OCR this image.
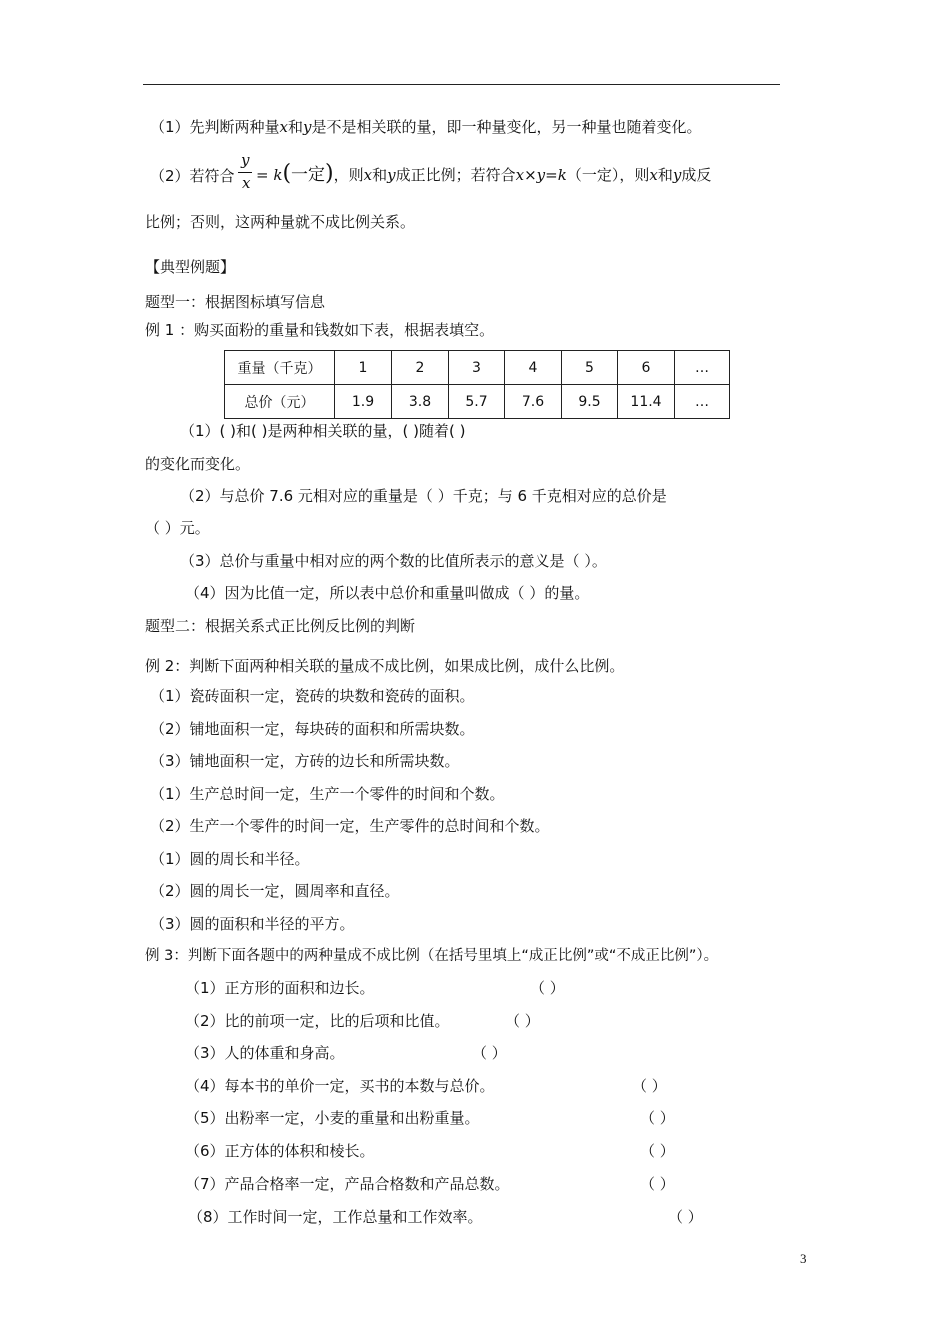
（1）先判断两种量x和y是不是相关联的量，即一种量变化，另一种量也随着变化。
（2）若符合
y
x = k(一定)，则x和y成正比例；若符合x×y=k（一定），则x和y成反
比例；否则，这两种量就不成比例关系。
【典型例题】
题型一：根据图标填写信息
例 1 ：购买面粉的重量和钱数如下表，根据表填空。
重量（千克）	1	2	3	4	5	6	…
总价（元）	1.9	3.8	5.7	7.6	9.5	11.4	…
（1）( )和( )是两种相关联的量，( )随着( )
的变化而变化。
（2）与总价 7.6 元相对应的重量是（ ）千克；与 6 千克相对应的总价是
（ ）元。
（3）总价与重量中相对应的两个数的比值所表示的意义是（ ）。
（4）因为比值一定，所以表中总价和重量叫做成（ ）的量。
题型二：根据关系式正比例反比例的判断
例 2：判断下面两种相关联的量成不成比例，如果成比例，成什么比例。
（1）瓷砖面积一定，瓷砖的块数和瓷砖的面积。
（2）铺地面积一定，每块砖的面积和所需块数。
（3）铺地面积一定，方砖的边长和所需块数。
（1）生产总时间一定，生产一个零件的时间和个数。
（2）生产一个零件的时间一定，生产零件的总时间和个数。
（1）圆的周长和半径。
（2）圆的周长一定，圆周率和直径。
（3）圆的面积和半径的平方。
例 3：判断下面各题中的两种量成不成比例（在括号里填上“成正比例”或“不成正比例”）。
（1）正方形的面积和边长。	（ ）
（2）比的前项一定，比的后项和比值。	（ ）
（3）人的体重和身高。	（ ）
（4）每本书的单价一定，买书的本数与总价。	（ ）
（5）出粉率一定，小麦的重量和出粉重量。	（ ）
（6）正方体的体积和棱长。	（ ）
（7）产品合格率一定，产品合格数和产品总数。	（ ）
（8）工作时间一定，工作总量和工作效率。	（ ）
3
